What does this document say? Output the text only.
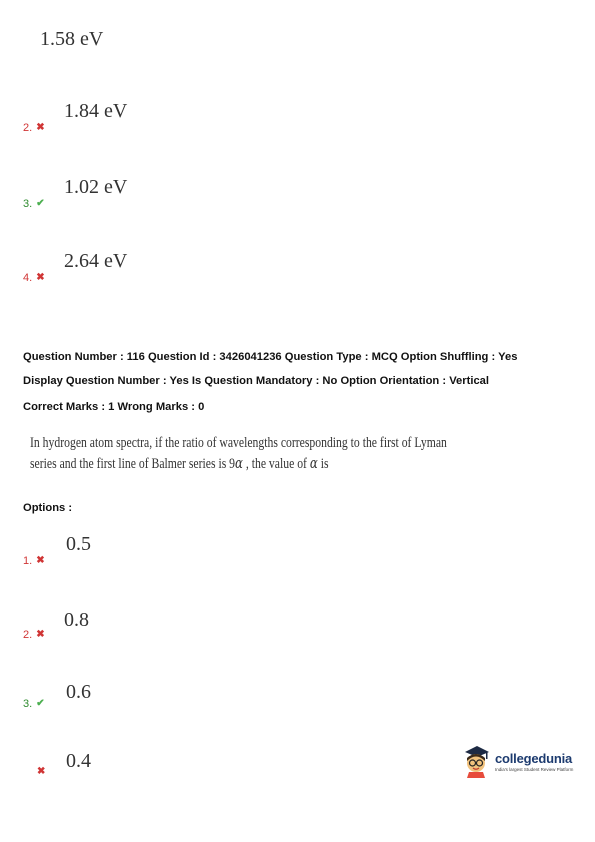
1.58 eV
1.84 eV
2. ✖
1.02 eV
3. ✔
2.64 eV
4. ✖
Question Number : 116 Question Id : 3426041236 Question Type : MCQ Option Shuffling : Yes
Display Question Number : Yes Is Question Mandatory : No Option Orientation : Vertical
Correct Marks : 1 Wrong Marks : 0
In hydrogen atom spectra, if the ratio of wavelengths corresponding to the first of Lyman
series and the first line of Balmer series is 9α , the value of α is
Options :
0.5
1. ✖
0.8
2. ✖
0.6
3. ✔
0.4
✖
collegedunia
India's largest Student Review Platform
